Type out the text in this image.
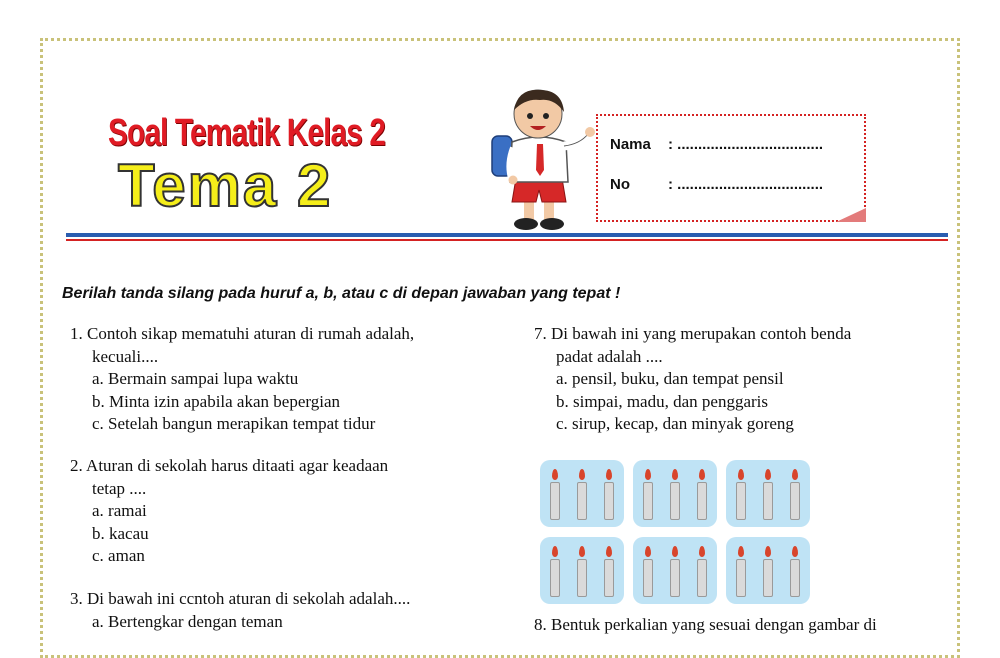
Soal Tematik Kelas 2
Tema 2
Nama : ...................................
No	: ...................................
Berilah tanda silang pada huruf a, b, atau c di depan jawaban yang tepat !
1. Contoh sikap mematuhi aturan di rumah adalah,
kecuali....
a. Bermain sampai lupa waktu
b. Minta izin apabila akan bepergian
c. Setelah bangun merapikan tempat tidur
2. Aturan di sekolah harus ditaati agar keadaan
tetap ....
a. ramai
b. kacau
c. aman
3. Di bawah ini ccntoh aturan di sekolah adalah....
a. Bertengkar dengan teman
7. Di bawah ini yang merupakan contoh benda
padat adalah ....
a. pensil, buku, dan tempat pensil
b. simpai, madu, dan penggaris
c. sirup, kecap, dan minyak goreng
8. Bentuk perkalian yang sesuai dengan gambar di
